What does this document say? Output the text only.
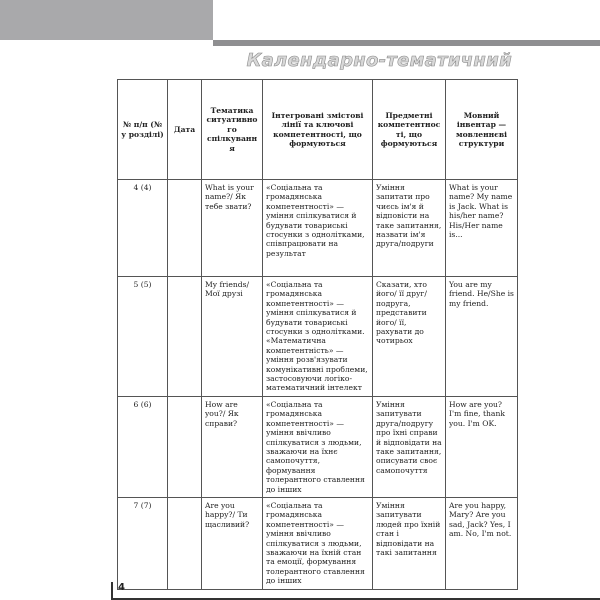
Календарно-тематичний
№ п/п (№ у розділі)	Дата	Тематика ситуативного спілкування	Інтегровані змістові лінії та ключові компетентності, що формуються	Предметні компетентності, що формуються	Мовний інвентар — мовленнєві структури
4 (4)		What is your name?/ Як тебе звати?	«Соціальна та громадянська компетентності» — уміння спілкуватися й будувати товариські стосунки з однолітками, співпрацювати на результат	Уміння запитати про чиєсь ім'я й відповісти на таке запитання, назвати ім'я друга/подруги	What is your name? My name is Jack. What is his/her name? His/Her name is...
5 (5)		My friends/ Мої друзі	«Соціальна та громадянська компетентності» — уміння спілкуватися й будувати товариські стосунки з однолітками. «Математична компетентність» — уміння розв'язувати комунікативні проблеми, застосовуючи логіко-математичний інтелект	Сказати, хто його/ її друг/подруга, представити його/ її, рахувати до чотирьох	You are my friend. He/She is my friend.
6 (6)		How are you?/ Як справи?	«Соціальна та громадянська компетентності» — уміння ввічливо спілкуватися з людьми, зважаючи на їхнє самопочуття, формування толерантного ставлення до інших	Уміння запитувати друга/подругу про їхні справи й відповідати на таке запитання, описувати своє самопочуття	How are you? I'm fine, thank you. I'm OK.
7 (7)		Are you happy?/ Ти щасливий?	«Соціальна та громадянська компетентності» — уміння ввічливо спілкуватися з людьми, зважаючи на їхній стан та емоції, формування толерантного ставлення до інших	Уміння запитувати людей про їхній стан і відповідати на такі запитання	Are you happy, Mary? Are you sad, Jack? Yes, I am. No, I'm not.
4
